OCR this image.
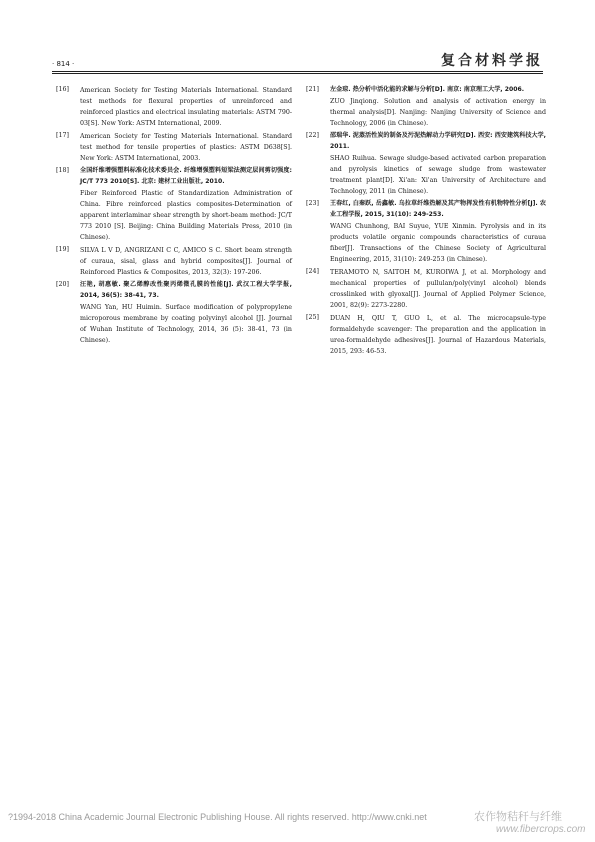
· 814 ·	复合材料学报
[16]	American Society for Testing Materials International. Standard test methods for flexural properties of unreinforced and reinforced plastics and electrical insulating materials: ASTM 790-03[S]. New York: ASTM International, 2009.
[17]	American Society for Testing Materials International. Standard test method for tensile properties of plastics: ASTM D638[S]. New York: ASTM International, 2003.
[18]	全国纤维增强塑料标准化技术委员会. 纤维增强塑料短梁法测定层间剪切强度: JC/T 773 2010[S]. 北京: 建材工业出版社, 2010.
Fiber Reinforced Plastic of Standardization Administration of China. Fibre reinforced plastics composites-Determination of apparent interlaminar shear strength by short-beam method: JC/T 773 2010 [S]. Beijing: China Building Materials Press, 2010 (in Chinese).
[19]	SILVA L V D, ANGRIZANI C C, AMICO S C. Short beam strength of curaua, sisal, glass and hybrid composites[J]. Journal of Reinforced Plastics & Composites, 2013, 32(3): 197-206.
[20]	汪艳, 胡惠敏. 聚乙烯醇改性聚丙烯微孔膜的性能[J]. 武汉工程大学学报, 2014, 36(5): 38-41, 73.
WANG Yan, HU Huimin. Surface modification of polypropylene microporous membrane by coating polyvinyl alcohol [J]. Journal of Wuhan Institute of Technology, 2014, 36 (5): 38-41, 73 (in Chinese).
[21]	左金琼. 热分析中活化能的求解与分析[D]. 南京: 南京理工大学, 2006.
ZUO Jinqiong. Solution and analysis of activation energy in thermal analysis[D]. Nanjing: Nanjing University of Science and Technology, 2006 (in Chinese).
[22]	邵瑞华. 泥蒸活性炭的制备及污泥热解动力学研究[D]. 西安: 西安建筑科技大学, 2011.
SHAO Ruihua. Sewage sludge-based activated carbon preparation and pyrolysis kinetics of sewage sludge from wastewater treatment plant[D]. Xi'an: Xi'an University of Architecture and Technology, 2011 (in Chinese).
[23]	王春红, 白秦跃, 岳鑫敏. 乌拉草纤维热解及其产物挥发性有机物特性分析[J]. 农业工程学报, 2015, 31(10): 249-253.
WANG Chunhong, BAI Suyue, YUE Xinmin. Pyrolysis and in its products volatile organic compounds characteristics of curaua fiber[J]. Transactions of the Chinese Society of Agricultural Engineering, 2015, 31(10): 249-253 (in Chinese).
[24]	TERAMOTO N, SAITOH M, KUROIWA J, et al. Morphology and mechanical properties of pullulan/poly(vinyl alcohol) blends crosslinked with glyoxal[J]. Journal of Applied Polymer Science, 2001, 82(9): 2273-2280.
[25]	DUAN H, QIU T, GUO L, et al. The microcapsule-type formaldehyde scavenger: The preparation and the application in urea-formaldehyde adhesives[J]. Journal of Hazardous Materials, 2015, 293: 46-53.
?1994-2018 China Academic Journal Electronic Publishing House. All rights reserved. http://www.cnki.net	农作物秸秆与纤维
www.fibercrops.com
